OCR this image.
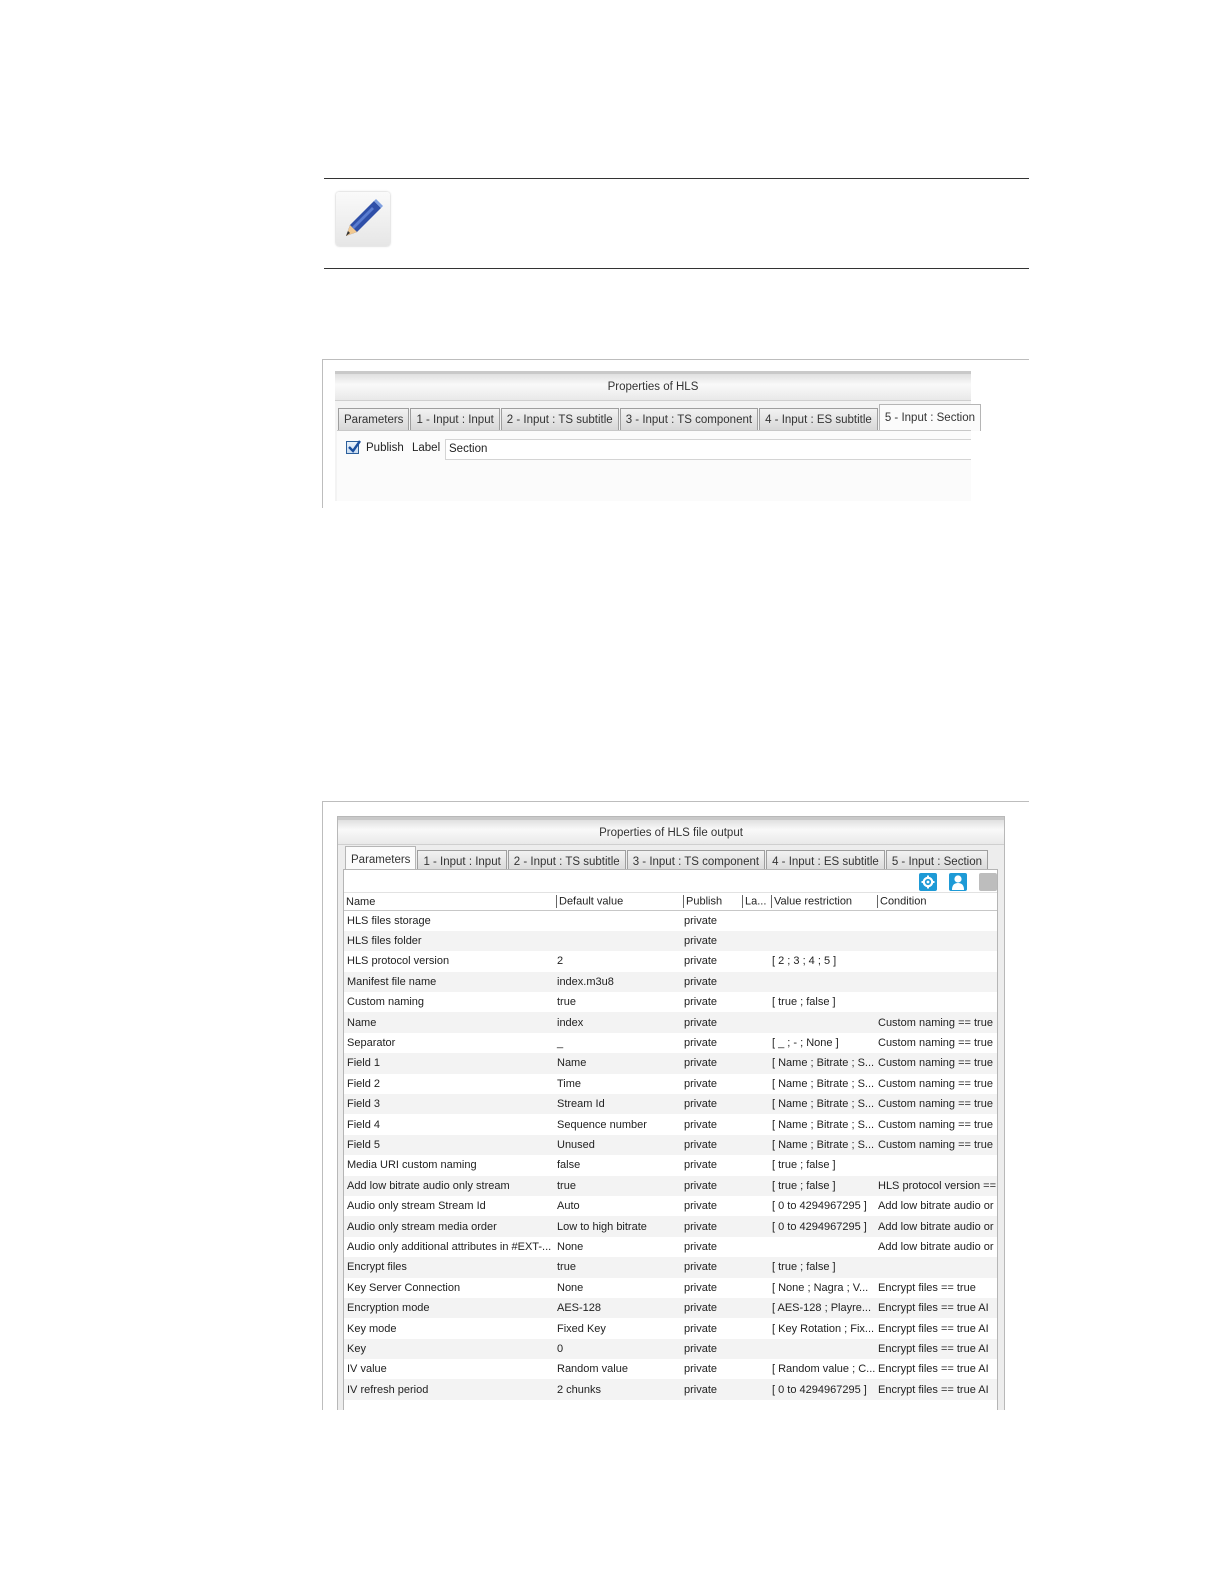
Properties of HLS
Parameters	1 - Input : Input	2 - Input : TS subtitle	3 - Input : TS component	4 - Input : ES subtitle	5 - Input : Section
Publish Label Section
Properties of HLS file output
Parameters	1 - Input : Input	2 - Input : TS subtitle	3 - Input : TS component	4 - Input : ES subtitle	5 - Input : Section
Name	Default value	Publish	La...	Value restriction	Condition
HLS files storage		private			
HLS files folder		private			
HLS protocol version	2	private		[ 2 ; 3 ; 4 ; 5 ]	
Manifest file name	index.m3u8	private			
Custom naming	true	private		[ true ; false ]	
Name	index	private			Custom naming == true
Separator	_	private		[ _ ; - ; None ]	Custom naming == true
Field 1	Name	private		[ Name ; Bitrate ; S...	Custom naming == true
Field 2	Time	private		[ Name ; Bitrate ; S...	Custom naming == true
Field 3	Stream Id	private		[ Name ; Bitrate ; S...	Custom naming == true
Field 4	Sequence number	private		[ Name ; Bitrate ; S...	Custom naming == true
Field 5	Unused	private		[ Name ; Bitrate ; S...	Custom naming == true
Media URI custom naming	false	private		[ true ; false ]	
Add low bitrate audio only stream	true	private		[ true ; false ]	HLS protocol version ==
Audio only stream Stream Id	Auto	private		[ 0 to 4294967295 ]	Add low bitrate audio or
Audio only stream media order	Low to high bitrate	private		[ 0 to 4294967295 ]	Add low bitrate audio or
Audio only additional attributes in #EXT-...	None	private			Add low bitrate audio or
Encrypt files	true	private		[ true ; false ]	
Key Server Connection	None	private		[ None ; Nagra ; V...	Encrypt files == true
Encryption mode	AES-128	private		[ AES-128 ; Playre...	Encrypt files == true AI
Key mode	Fixed Key	private		[ Key Rotation ; Fix...	Encrypt files == true AI
Key	0	private			Encrypt files == true AI
IV value	Random value	private		[ Random value ; C...	Encrypt files == true AI
IV refresh period	2 chunks	private		[ 0 to 4294967295 ]	Encrypt files == true AI
